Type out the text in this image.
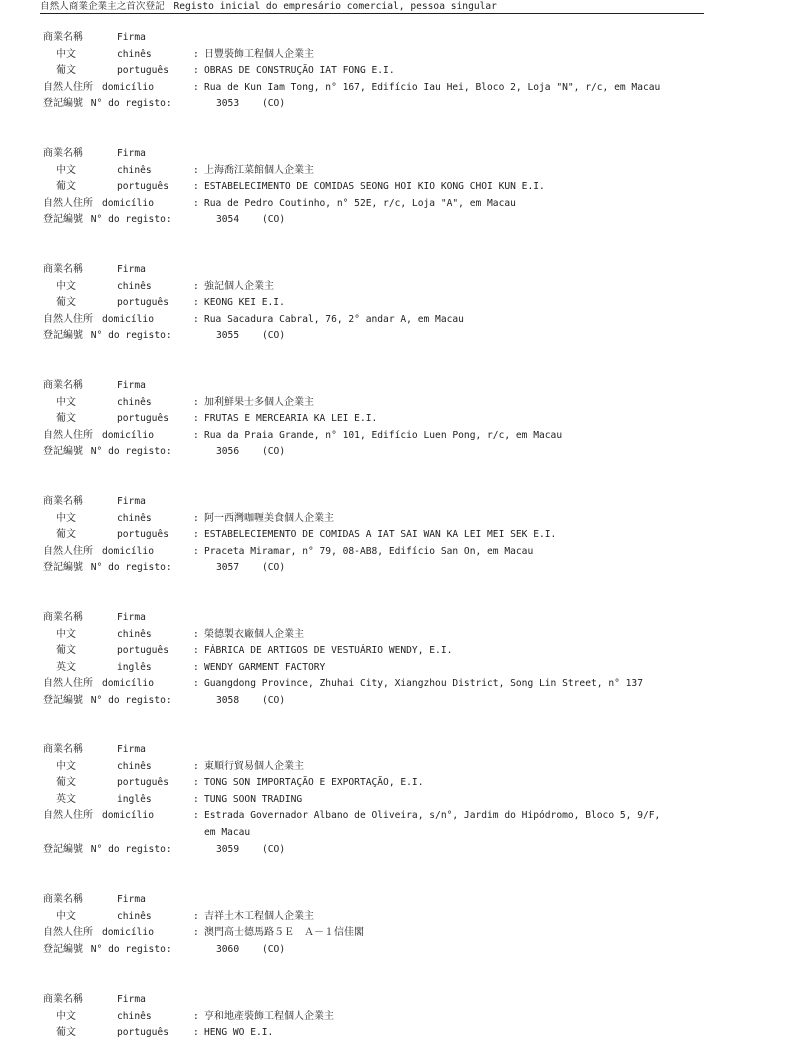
自然人商業企業主之首次登記 Registo inicial do empresário comercial, pessoa singular
商業名稱	Firma
中文	chinês	: 日豐裝飾工程個人企業主
葡文	português	: OBRAS DE CONSTRUÇÃO IAT FONG E.I.
自然人住所 domicílio	: Rua de Kun Iam Tong, n° 167, Edifício Iau Hei, Bloco 2, Loja "N", r/c, em Macau
登記編號 N° do registo:	3053 (CO)
商業名稱	Firma
中文	chinês	: 上海喬江菜館個人企業主
葡文	português	: ESTABELECIMENTO DE COMIDAS SEONG HOI KIO KONG CHOI KUN E.I.
自然人住所 domicílio	: Rua de Pedro Coutinho, n° 52E, r/c, Loja "A", em Macau
登記編號 N° do registo:	3054 (CO)
商業名稱	Firma
中文	chinês	: 強記個人企業主
葡文	português	: KEONG KEI E.I.
自然人住所 domicílio	: Rua Sacadura Cabral, 76, 2° andar A, em Macau
登記編號 N° do registo:	3055 (CO)
商業名稱	Firma
中文	chinês	: 加利鮮果士多個人企業主
葡文	português	: FRUTAS E MERCEARIA KA LEI E.I.
自然人住所 domicílio	: Rua da Praia Grande, n° 101, Edifício Luen Pong, r/c, em Macau
登記編號 N° do registo:	3056 (CO)
商業名稱	Firma
中文	chinês	: 阿一西灣咖喱美食個人企業主
葡文	português	: ESTABELECIEMENTO DE COMIDAS A IAT SAI WAN KA LEI MEI SEK E.I.
自然人住所 domicílio	: Praceta Miramar, n° 79, 08-AB8, Edifício San On, em Macau
登記編號 N° do registo:	3057 (CO)
商業名稱	Firma
中文	chinês	: 榮德製衣廠個人企業主
葡文	português	: FÁBRICA DE ARTIGOS DE VESTUÁRIO WENDY, E.I.
英文	inglês	: WENDY GARMENT FACTORY
自然人住所 domicílio	: Guangdong Province, Zhuhai City, Xiangzhou District, Song Lin Street, n° 137
登記編號 N° do registo:	3058 (CO)
商業名稱	Firma
中文	chinês	: 東順行貿易個人企業主
葡文	português	: TONG SON IMPORTAÇÃO E EXPORTAÇÃO, E.I.
英文	inglês	: TUNG SOON TRADING
自然人住所 domicílio	: Estrada Governador Albano de Oliveira, s/n°, Jardim do Hipódromo, Bloco 5, 9/F,
em Macau
登記編號 N° do registo:	3059 (CO)
商業名稱	Firma
中文	chinês	: 吉祥土木工程個人企業主
自然人住所 domicílio	: 澳門高士德馬路５Ｅ　Ａ－１信佳閣
登記編號 N° do registo:	3060 (CO)
商業名稱	Firma
中文	chinês	: 亨和地產裝飾工程個人企業主
葡文	português	: HENG WO E.I.
